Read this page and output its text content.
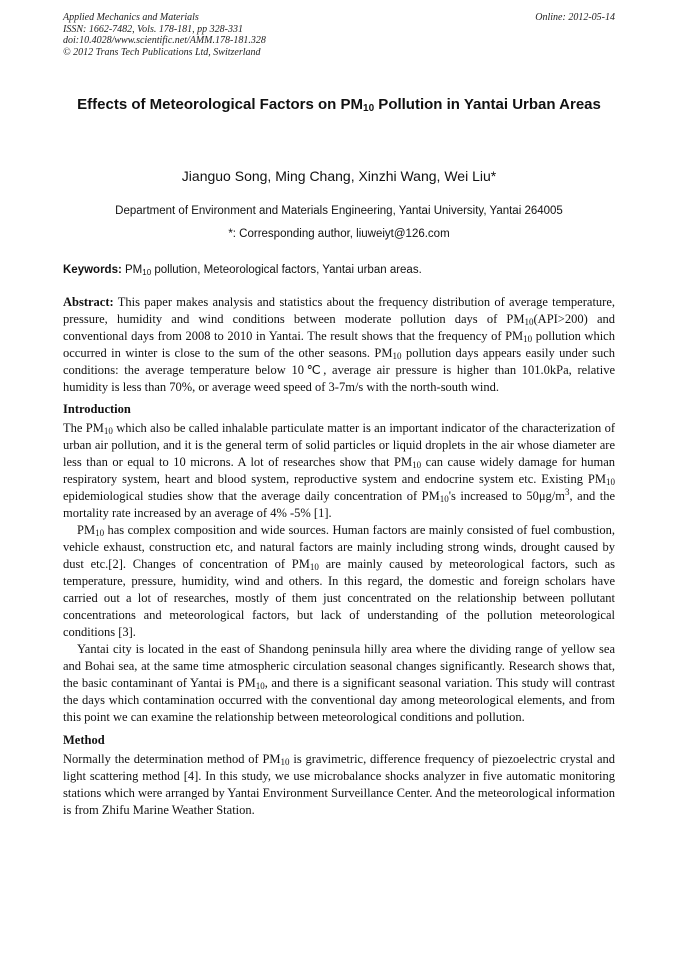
Applied Mechanics and Materials
ISSN: 1662-7482, Vols. 178-181, pp 328-331
doi:10.4028/www.scientific.net/AMM.178-181.328
© 2012 Trans Tech Publications Ltd, Switzerland
Online: 2012-05-14
Effects of Meteorological Factors on $PM_{10}$ Pollution in Yantai Urban Areas
Jianguo Song, Ming Chang, Xinzhi Wang, Wei Liu*
Department of Environment and Materials Engineering, Yantai University, Yantai 264005
*: Corresponding author, liuweiyt@126.com
Keywords: $PM_{10}$ pollution, Meteorological factors, Yantai urban areas.

Abstract: This paper makes analysis and statistics about the frequency distribution of average temperature, pressure, humidity and wind conditions between moderate pollution days of $PM_{10}(API>200)$ and conventional days from 2008 to 2010 in Yantai. The result shows that the frequency of $PM_{10}$ pollution which occurred in winter is close to the sum of the other seasons. $PM_{10}$ pollution days appears easily under such conditions: the average temperature below 10℃, average air pressure is higher than 101.0kPa, relative humidity is less than 70%, or average weed speed of 3-7m/s with the north-south wind.

Introduction

The $PM_{10}$ which also be called inhalable particulate matter is an important indicator of the characterization of urban air pollution, and it is the general term of solid particles or liquid droplets in the air whose diameter are less than or equal to 10 microns. A lot of researches show that $PM_{10}$ can cause widely damage for human respiratory system, heart and blood system, reproductive system and endocrine system etc. Existing $PM_{10}$ epidemiological studies show that the average daily concentration of $PM_{10}'s$ increased to $50\mu g/m^3$, and the mortality rate increased by an average of 4% -5% [1].

$PM_{10}$ has complex composition and wide sources. Human factors are mainly consisted of fuel combustion, vehicle exhaust, construction etc, and natural factors are mainly including strong winds, drought caused by dust etc.[2]. Changes of concentration of $PM_{10}$ are mainly caused by meteorological factors, such as temperature, pressure, humidity, wind and others. In this regard, the domestic and foreign scholars have carried out a lot of researches, mostly of them just concentrated on the relationship between pollutant concentrations and meteorological factors, but lack of understanding of the pollution meteorological conditions [3].

Yantai city is located in the east of Shandong peninsula hilly area where the dividing range of yellow sea and Bohai sea, at the same time atmospheric circulation seasonal changes significantly. Research shows that, the basic contaminant of Yantai is $PM_{10}$, and there is a significant seasonal variation. This study will contrast the days which contamination occurred with the conventional day among meteorological elements, and from this point we can examine the relationship between meteorological conditions and pollution.

Method

Normally the determination method of $PM_{10}$ is gravimetric, difference frequency of piezoelectric crystal and light scattering method [4]. In this study, we use microbalance shocks analyzer in five automatic monitoring stations which were arranged by Yantai Environment Surveillance Center. And the meteorological information is from Zhifu Marine Weather Station.
